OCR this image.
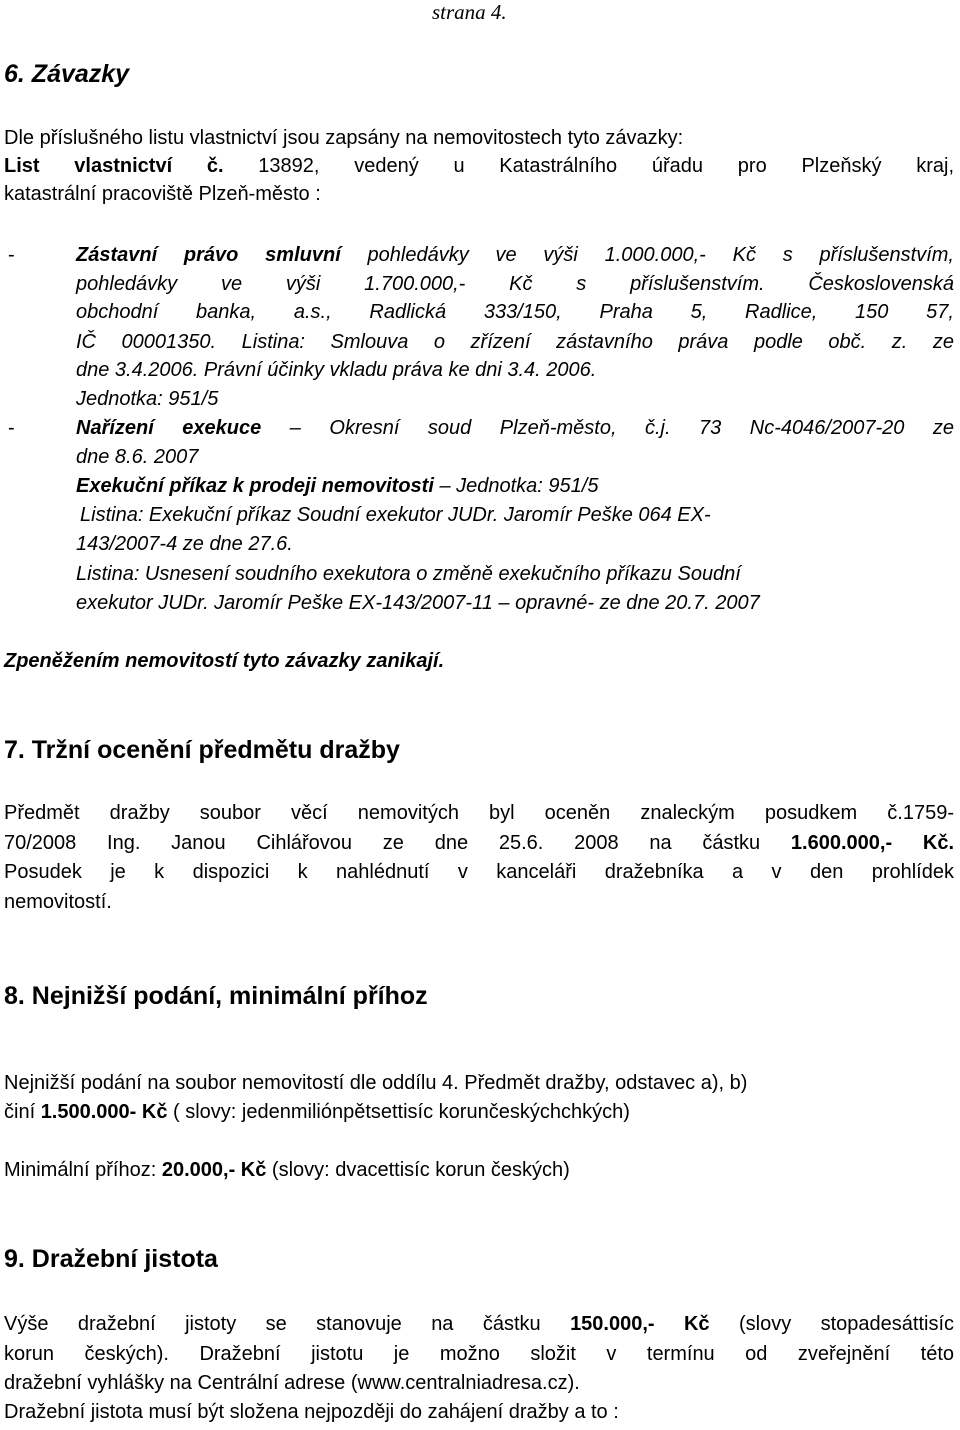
strana 4.
6. Závazky
Dle příslušného listu vlastnictví jsou zapsány na nemovitostech tyto závazky:
List vlastnictví č. 13892, vedený u Katastrálního úřadu pro Plzeňský kraj,
katastrální pracoviště Plzeň-město :
-	Zástavní právo smluvní pohledávky ve výši 1.000.000,- Kč s příslušenstvím,
pohledávky ve výši 1.700.000,- Kč s příslušenstvím. Československá
obchodní banka, a.s., Radlická 333/150, Praha 5, Radlice, 150 57,
IČ 00001350. Listina: Smlouva o zřízení zástavního práva podle obč. z. ze
dne 3.4.2006. Právní účinky vkladu práva ke dni 3.4. 2006.
Jednotka: 951/5
-	Nařízení exekuce – Okresní soud Plzeň-město, č.j. 73 Nc-4046/2007-20 ze
dne 8.6. 2007
Exekuční příkaz k prodeji nemovitosti – Jednotka: 951/5
Listina: Exekuční příkaz Soudní exekutor JUDr. Jaromír Peške 064 EX-
143/2007-4 ze dne 27.6.
Listina: Usnesení soudního exekutora o změně exekučního příkazu Soudní
exekutor JUDr. Jaromír Peške EX-143/2007-11 – opravné- ze dne 20.7. 2007
Zpeněžením nemovitostí tyto závazky zanikají.
7. Tržní ocenění předmětu dražby
Předmět dražby soubor věcí nemovitých byl oceněn znaleckým posudkem č.1759-
70/2008 Ing. Janou Cihlářovou ze dne 25.6. 2008 na částku 1.600.000,- Kč.
Posudek je k dispozici k nahlédnutí v kanceláři dražebníka a v den prohlídek
nemovitostí.
8. Nejnižší podání, minimální příhoz
Nejnižší podání na soubor nemovitostí dle oddílu 4. Předmět dražby, odstavec a), b)
činí 1.500.000- Kč ( slovy: jedenmiliónpětsettisíc korunčeskýchchkých)
Minimální příhoz: 20.000,- Kč (slovy: dvacettisíc korun českých)
9. Dražební jistota
Výše dražební jistoty se stanovuje na částku 150.000,- Kč (slovy stopadesáttisíc
korun českých). Dražební jistotu je možno složit v termínu od zveřejnění této
dražební vyhlášky na Centrální adrese (www.centralniadresa.cz).
Dražební jistota musí být složena nejpozději do zahájení dražby a to :
